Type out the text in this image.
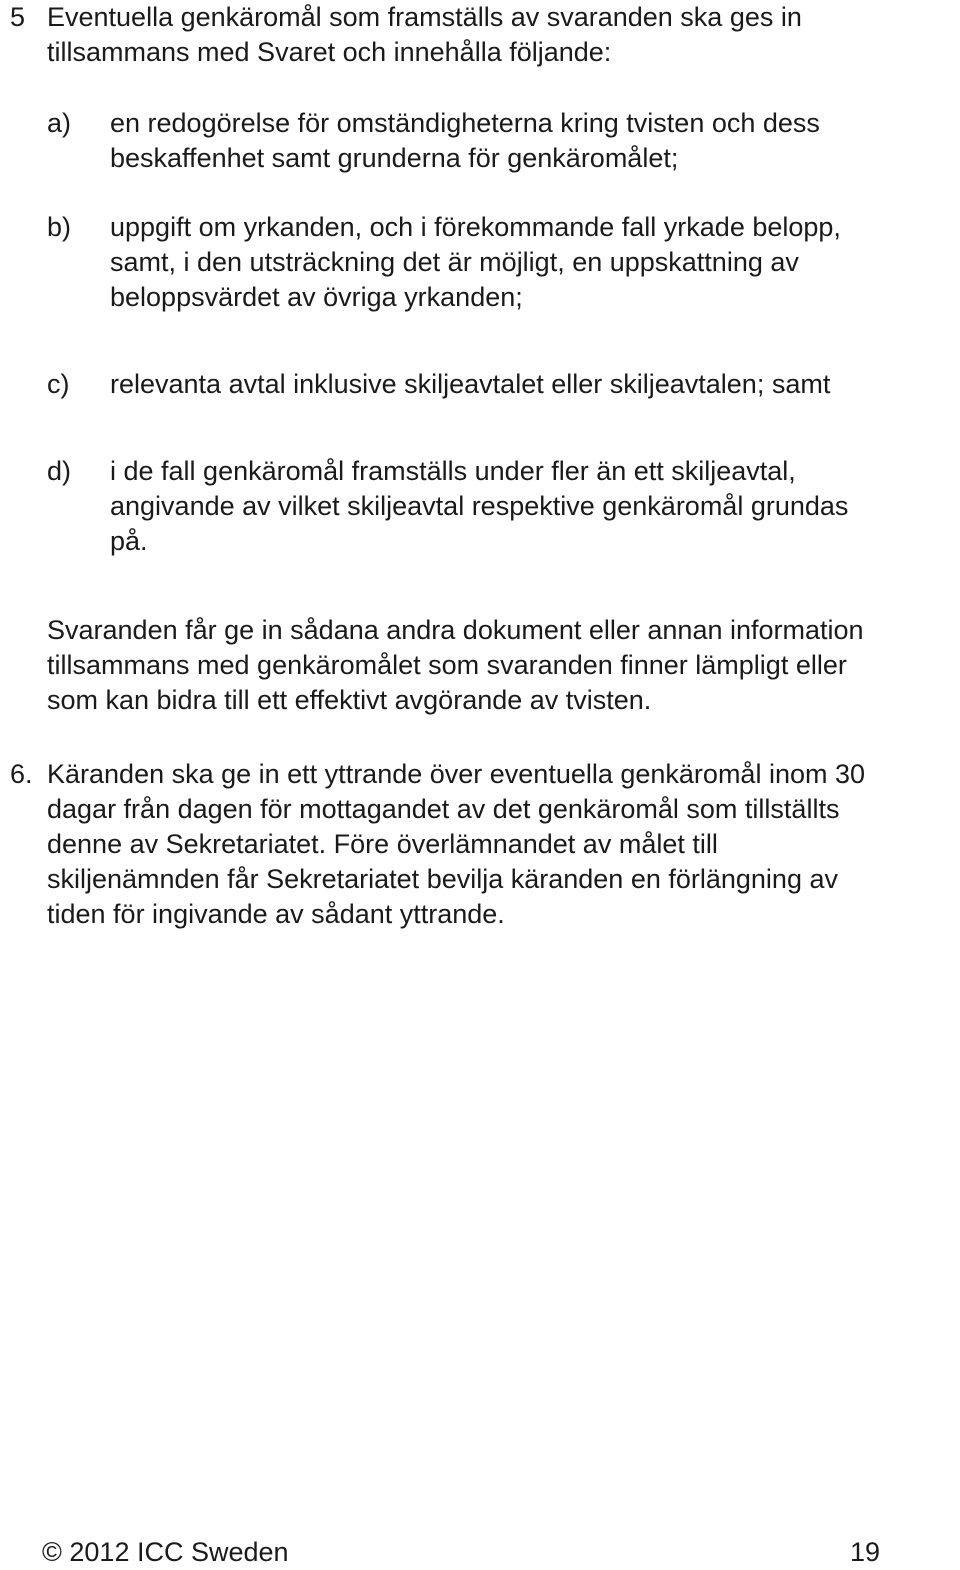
5 Eventuella genkäromål som framställs av svaranden ska ges in

tillsammans med Svaret och innehålla följande:

a) en redogörelse för omständigheterna kring tvisten och dess

beskaffenhet samt grunderna för genkäromålet;

b) uppgift om yrkanden, och i förekommande fall yrkade belopp,

samt, i den utsträckning det är möjligt, en uppskattning av

beloppsvärdet av övriga yrkanden;

c) relevanta avtal inklusive skiljeavtalet eller skiljeavtalen; samt

d) i de fall genkäromål framställs under fler än ett skiljeavtal,

angivande av vilket skiljeavtal respektive genkäromål grundas

på.

Svaranden får ge in sådana andra dokument eller annan information

tillsammans med genkäromålet som svaranden finner lämpligt eller

som kan bidra till ett effektivt avgörande av tvisten.

6. Käranden ska ge in ett yttrande över eventuella genkäromål inom 30

dagar från dagen för mottagandet av det genkäromål som tillställts

denne av Sekretariatet. Före överlämnandet av målet till

skiljenämnden får Sekretariatet bevilja käranden en förlängning av

tiden för ingivande av sådant yttrande.

© 2012 ICC Sweden	19
